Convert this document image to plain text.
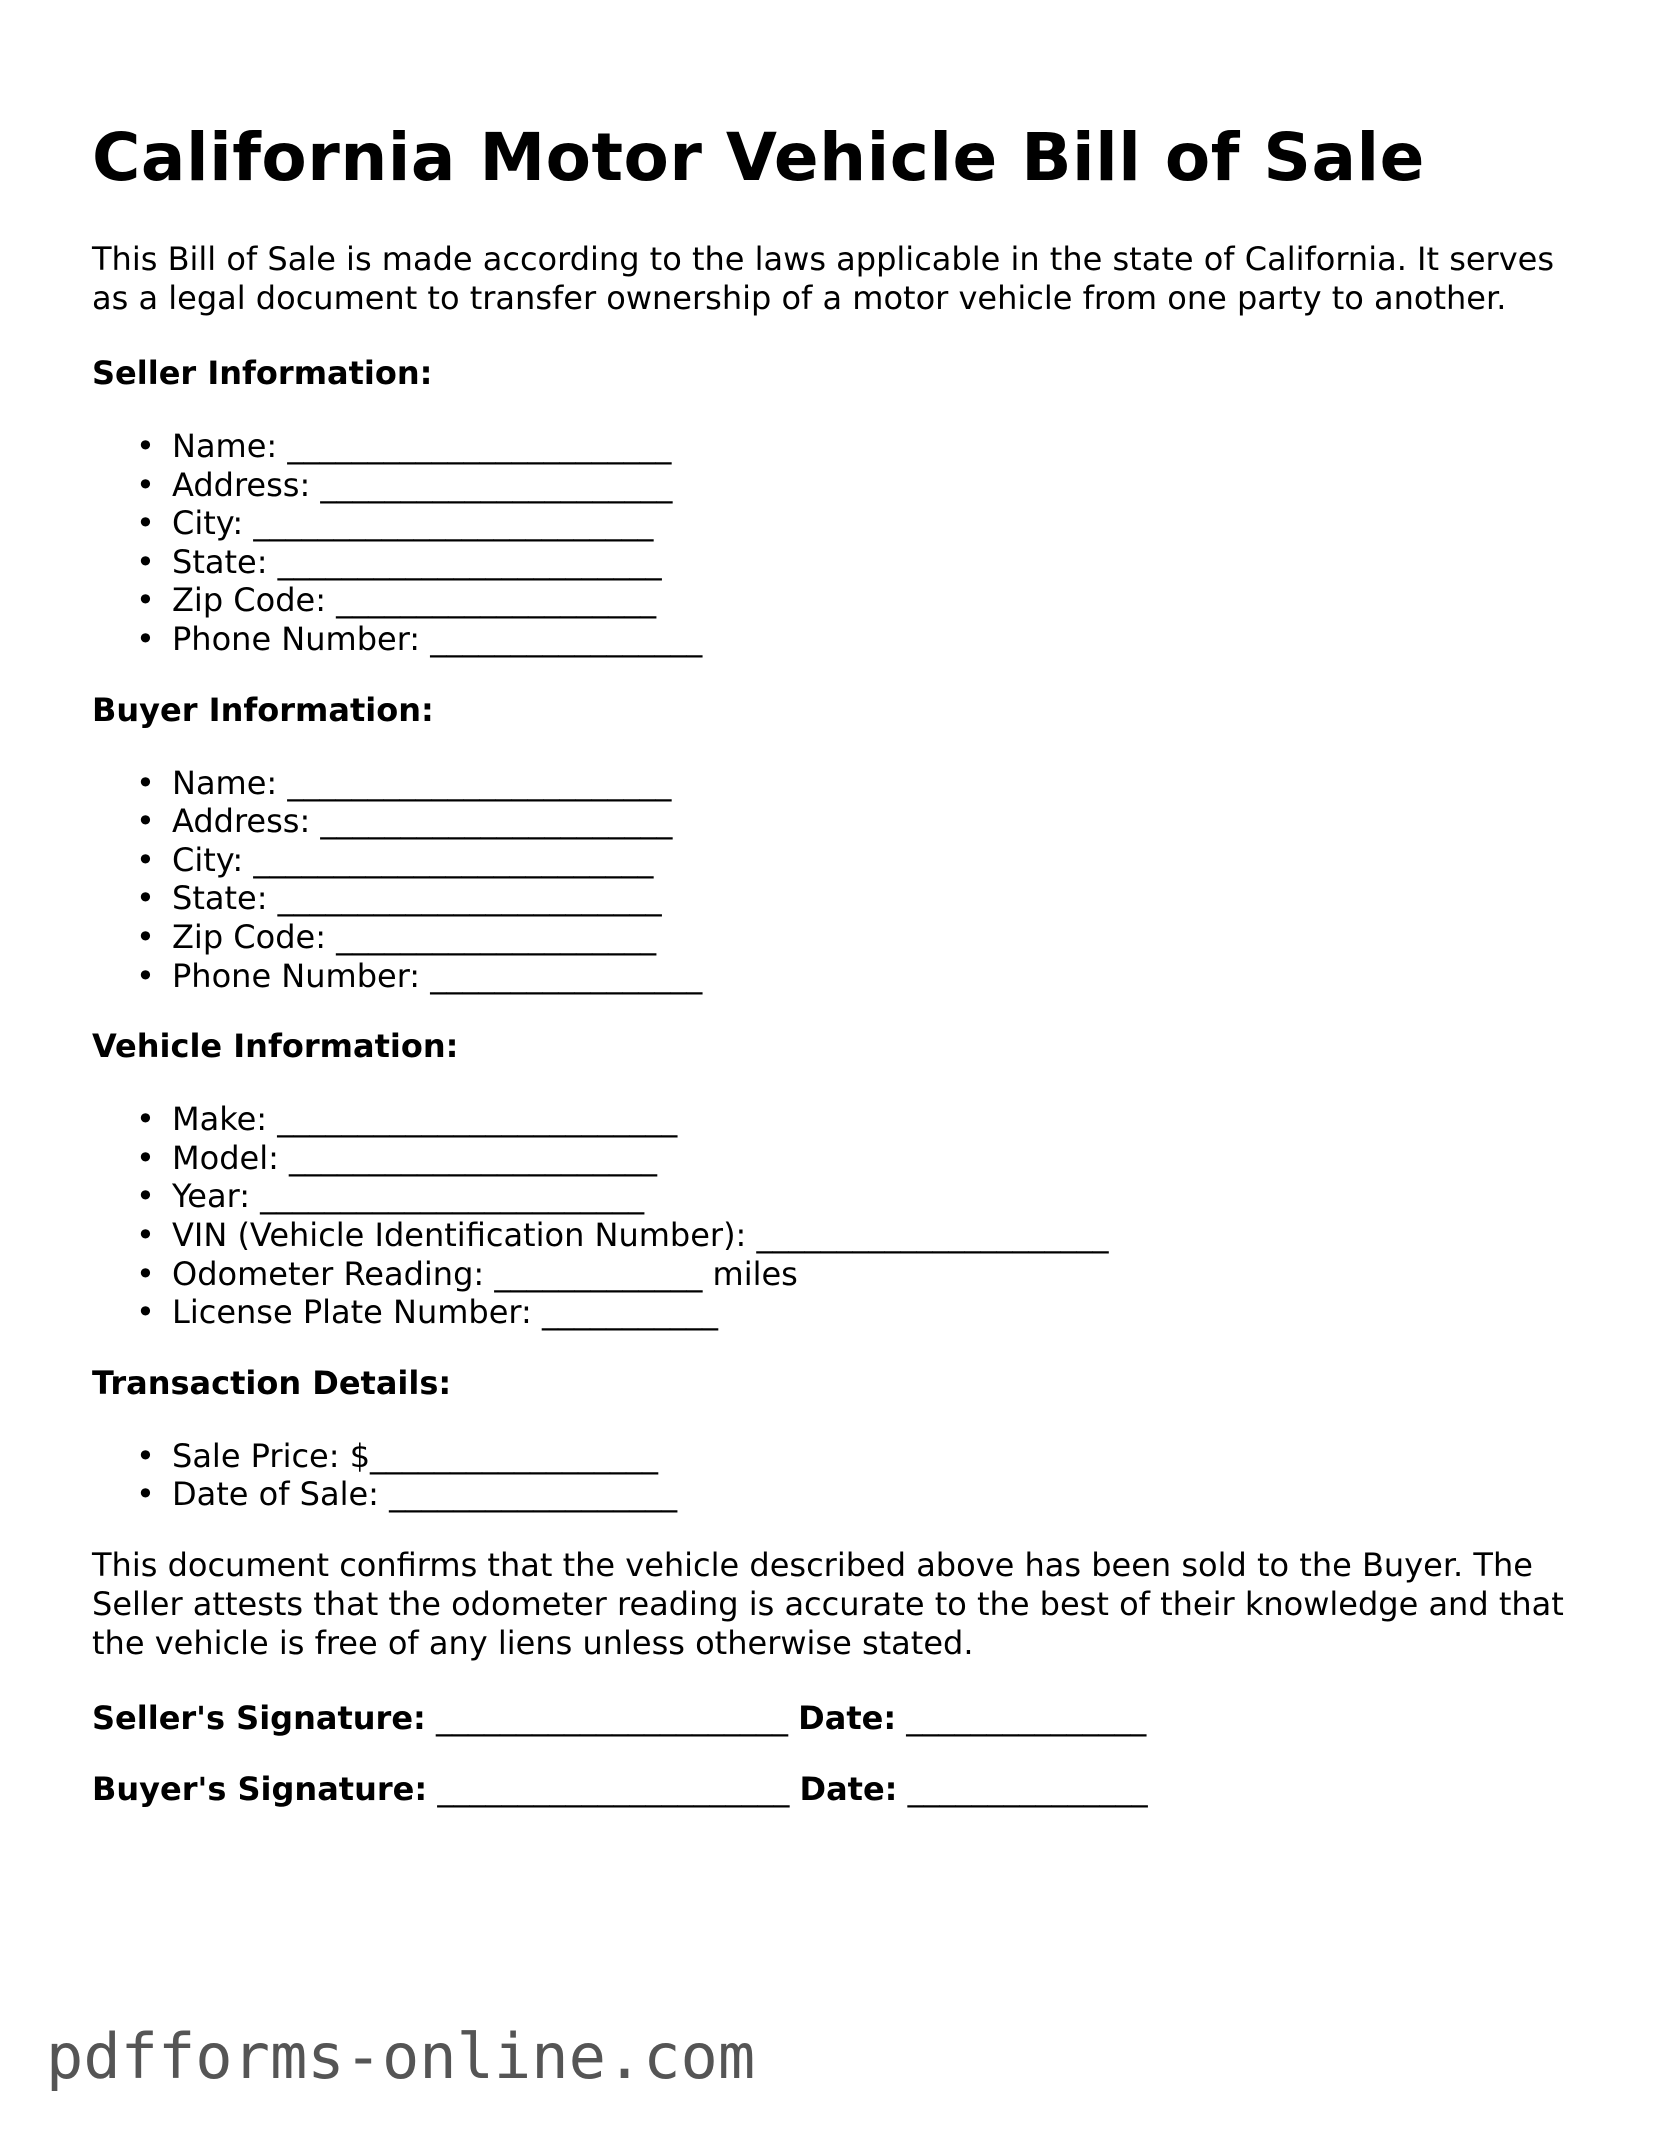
California Motor Vehicle Bill of Sale

This Bill of Sale is made according to the laws applicable in the state of California. It serves as a legal document to transfer ownership of a motor vehicle from one party to another.

Seller Information:
• Name: ________________________
• Address: ______________________
• City: _________________________
• State: ________________________
• Zip Code: ____________________
• Phone Number: _________________
Buyer Information:
• Name: ________________________
• Address: ______________________
• City: _________________________
• State: ________________________
• Zip Code: ____________________
• Phone Number: _________________
Vehicle Information:
• Make: _________________________
• Model: _______________________
• Year: ________________________
• VIN (Vehicle Identification Number): ______________________
• Odometer Reading: _____________ miles
• License Plate Number: ___________
Transaction Details:
• Sale Price: $__________________
• Date of Sale: __________________

This document confirms that the vehicle described above has been sold to the Buyer. The Seller attests that the odometer reading is accurate to the best of their knowledge and that the vehicle is free of any liens unless otherwise stated.

Seller's Signature: ______________________ Date: _______________
Buyer's Signature: ______________________ Date: _______________
pdfforms-online.com
